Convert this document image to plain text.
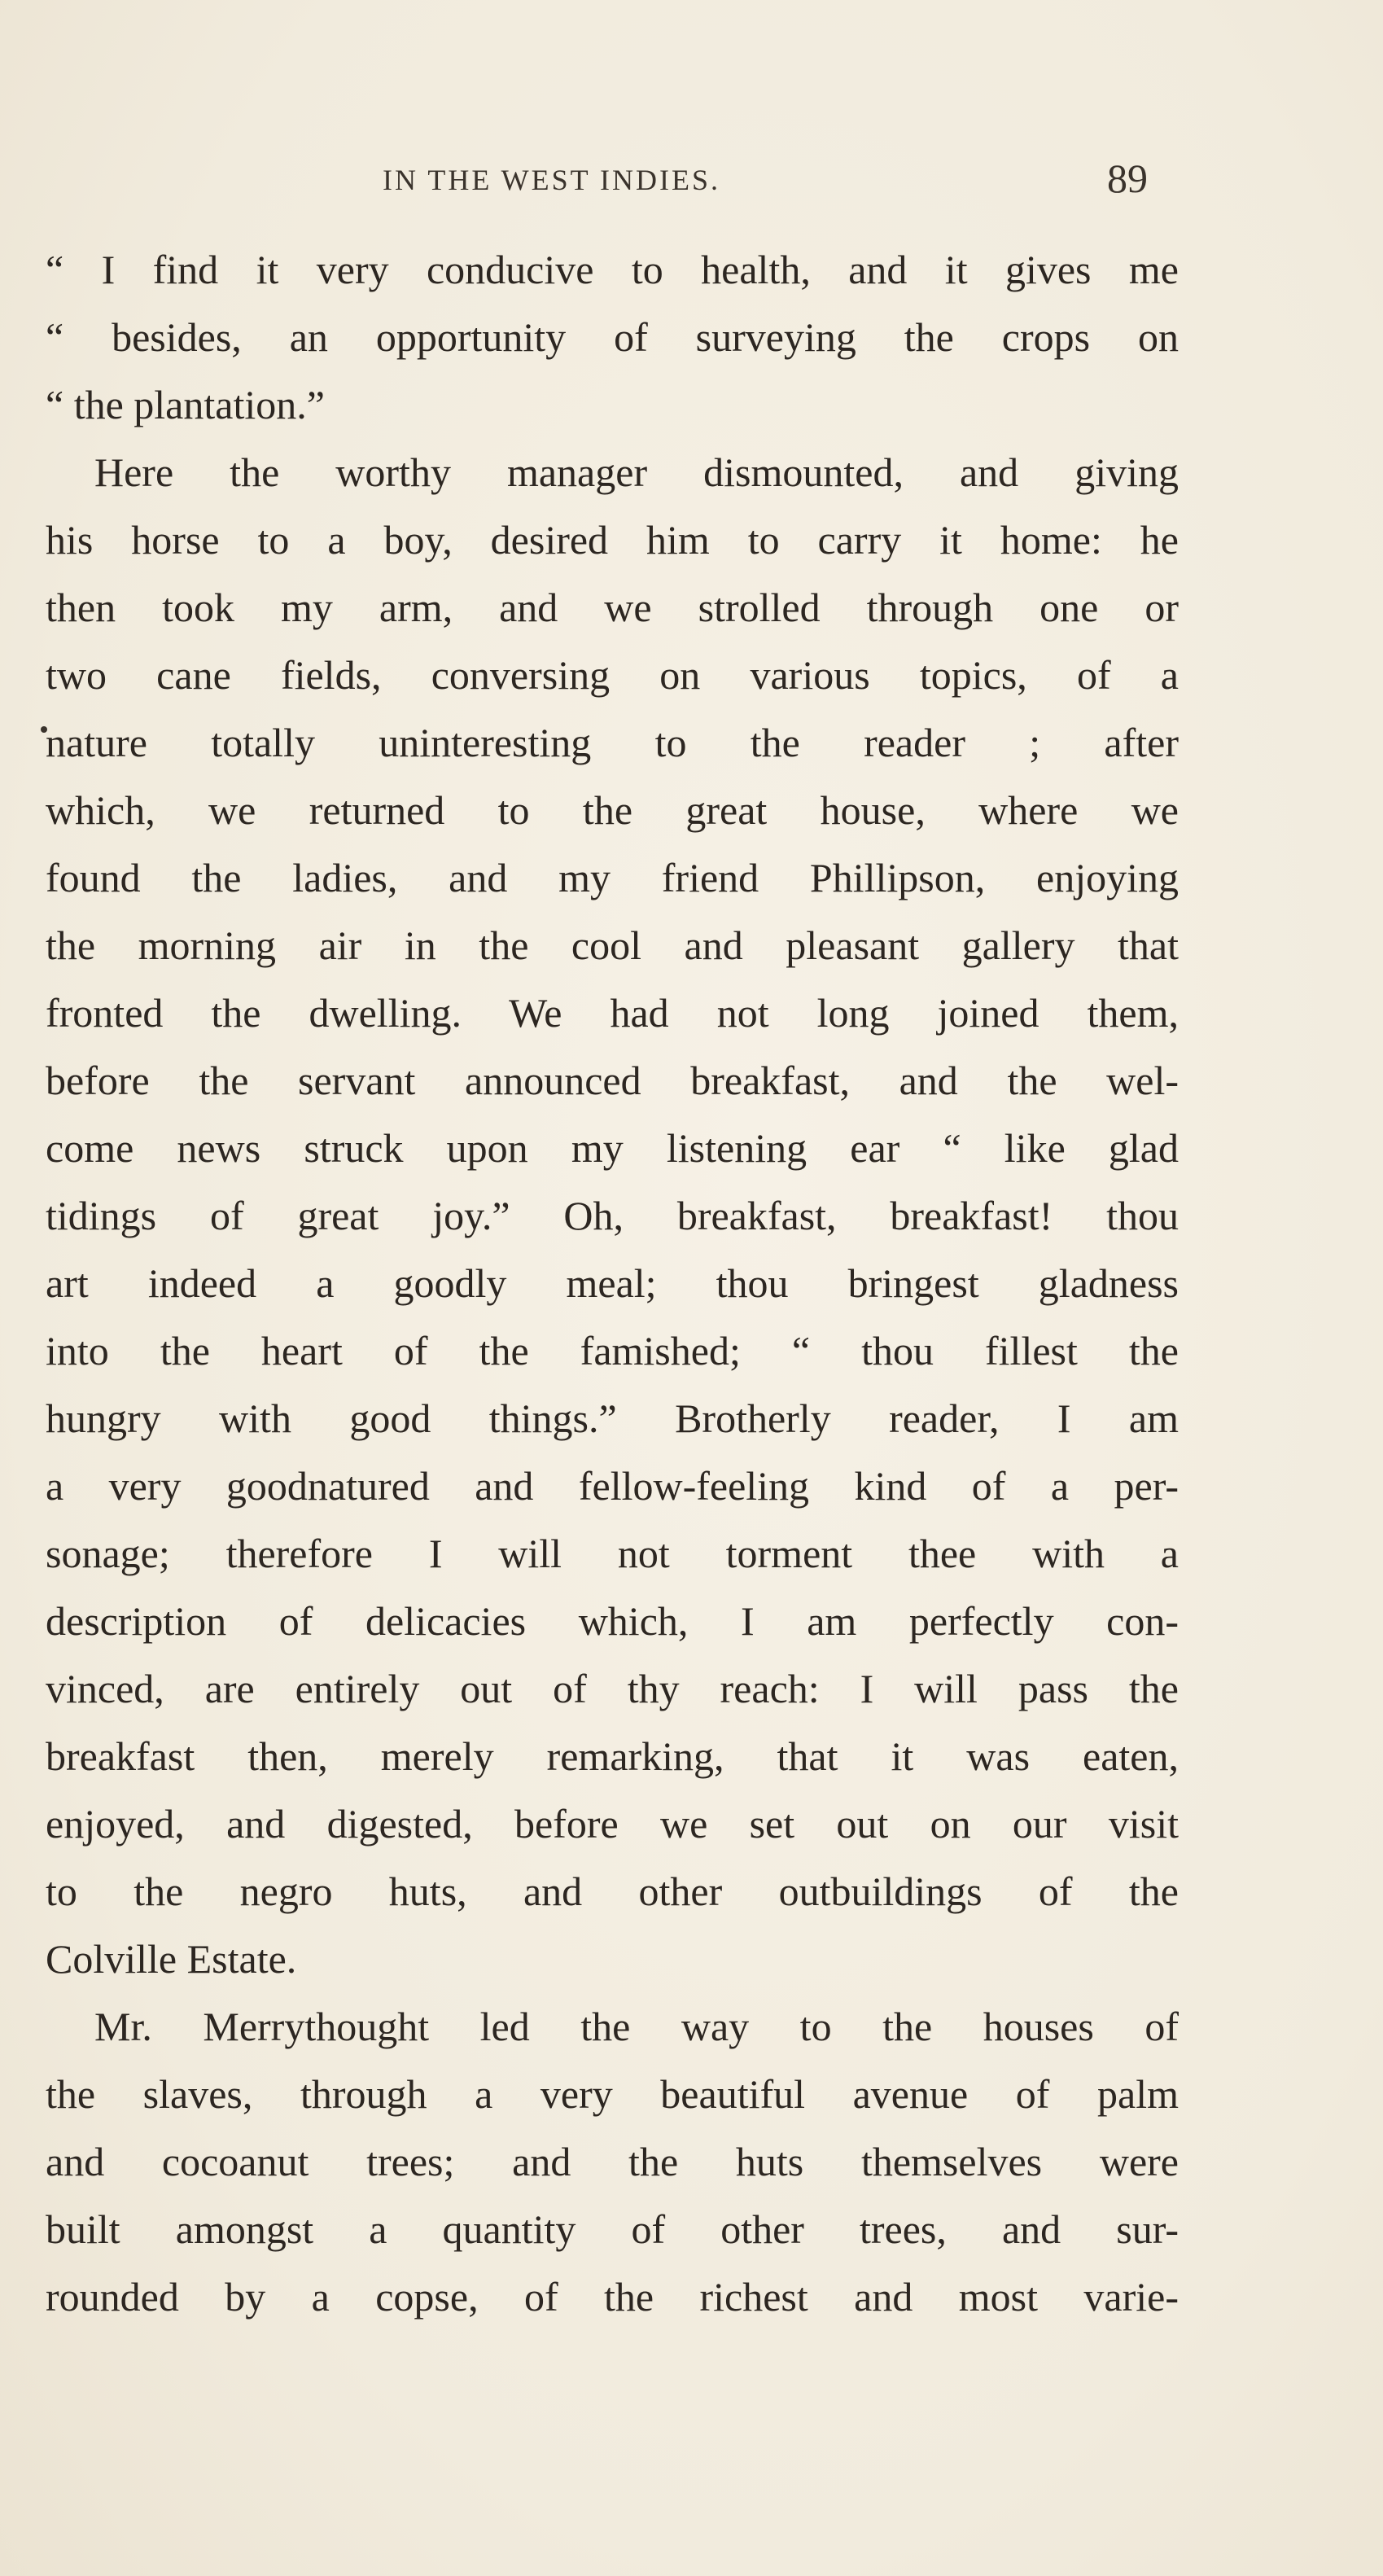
IN THE WEST INDIES.	89
“ I find it very conducive to health, and it gives me
“ besides, an opportunity of surveying the crops on
“ the plantation.”
Here the worthy manager dismounted, and giving
his horse to a boy, desired him to carry it home: he
then took my arm, and we strolled through one or
two cane fields, conversing on various topics, of a
nature totally uninteresting to the reader ; after
which, we returned to the great house, where we
found the ladies, and my friend Phillipson, enjoying
the morning air in the cool and pleasant gallery that
fronted the dwelling. We had not long joined them,
before the servant announced breakfast, and the wel-
come news struck upon my listening ear “ like glad
tidings of great joy.” Oh, breakfast, breakfast! thou
art indeed a goodly meal; thou bringest gladness
into the heart of the famished; “ thou fillest the
hungry with good things.” Brotherly reader, I am
a very goodnatured and fellow-feeling kind of a per-
sonage; therefore I will not torment thee with a
description of delicacies which, I am perfectly con-
vinced, are entirely out of thy reach: I will pass the
breakfast then, merely remarking, that it was eaten,
enjoyed, and digested, before we set out on our visit
to the negro huts, and other outbuildings of the
Colville Estate.
Mr. Merrythought led the way to the houses of
the slaves, through a very beautiful avenue of palm
and cocoanut trees; and the huts themselves were
built amongst a quantity of other trees, and sur-
rounded by a copse, of the richest and most varie-
